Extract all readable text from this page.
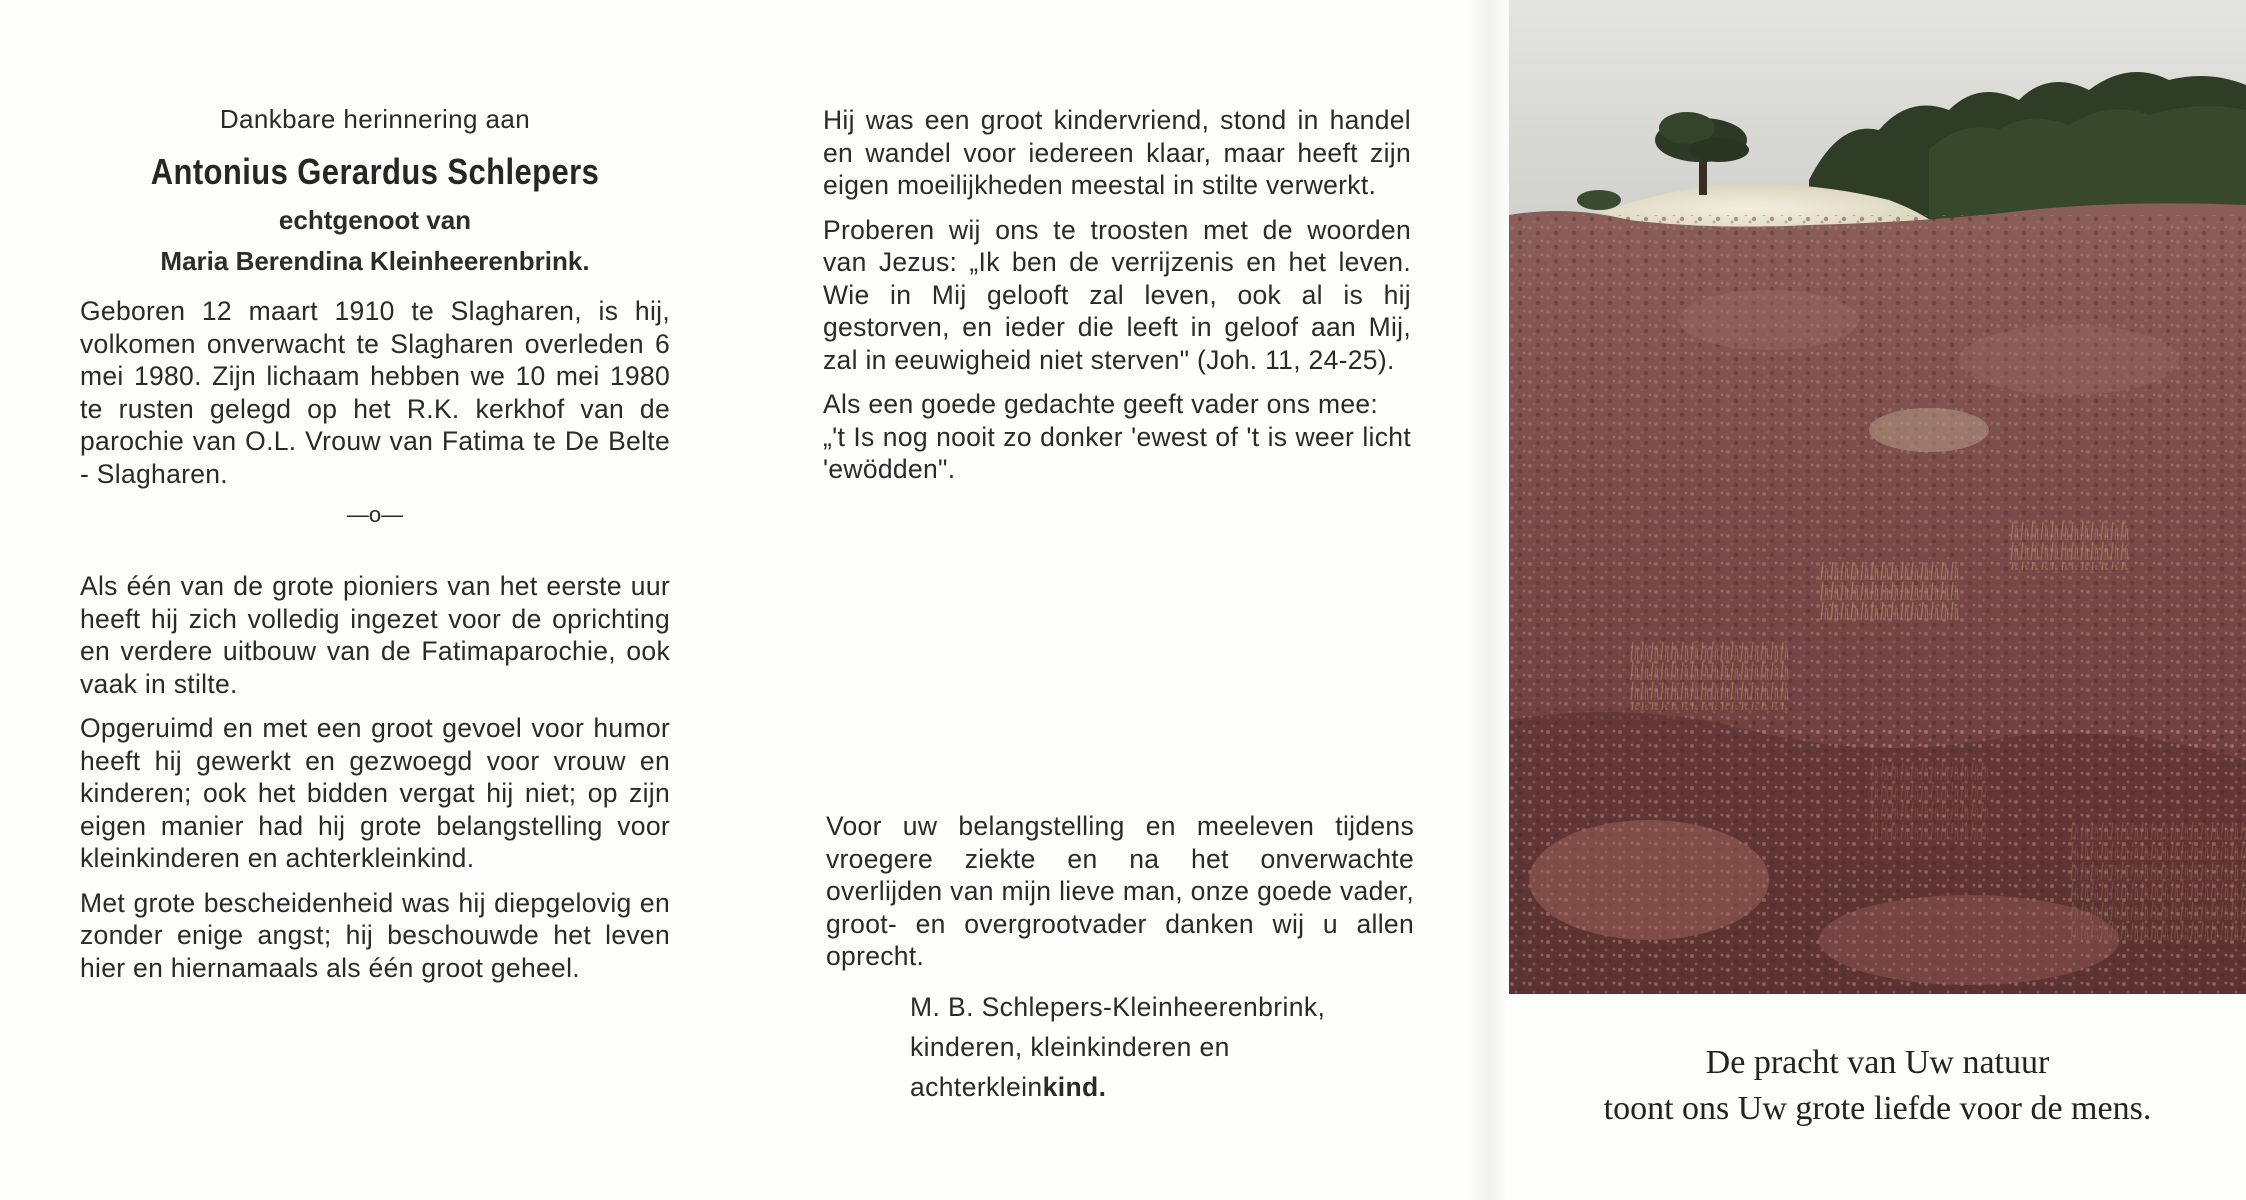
Dankbare herinnering aan
Antonius Gerardus Schlepers
echtgenoot van
Maria Berendina Kleinheerenbrink.

Geboren 12 maart 1910 te Slagharen, is hij, volkomen onverwacht te Slagharen overleden 6 mei 1980. Zijn lichaam hebben we 10 mei 1980 te rusten gelegd op het R.K. kerkhof van de parochie van O.L. Vrouw van Fatima te De Belte - Slagharen.

—o—

Als één van de grote pioniers van het eerste uur heeft hij zich volledig ingezet voor de oprichting en verdere uitbouw van de Fatimaparochie, ook vaak in stilte.

Opgeruimd en met een groot gevoel voor humor heeft hij gewerkt en gezwoegd voor vrouw en kinderen; ook het bidden vergat hij niet; op zijn eigen manier had hij grote belangstelling voor kleinkinderen en achterkleinkind.

Met grote bescheidenheid was hij diepgelovig en zonder enige angst; hij beschouwde het leven hier en hiernamaals als één groot geheel.

Hij was een groot kindervriend, stond in handel en wandel voor iedereen klaar, maar heeft zijn eigen moeilijkheden meestal in stilte verwerkt.

Proberen wij ons te troosten met de woorden van Jezus: „Ik ben de verrijzenis en het leven. Wie in Mij gelooft zal leven, ook al is hij gestorven, en ieder die leeft in geloof aan Mij, zal in eeuwigheid niet sterven" (Joh. 11, 24-25).

Als een goede gedachte geeft vader ons mee:

„'t Is nog nooit zo donker 'ewest of 't is weer licht 'ewödden".

Voor uw belangstelling en meeleven tijdens vroegere ziekte en na het onverwachte overlijden van mijn lieve man, onze goede vader, groot- en overgrootvader danken wij u allen oprecht.

M. B. Schlepers-Kleinheerenbrink,
kinderen, kleinkinderen en
achterkleinkind.
De pracht van Uw natuur
toont ons Uw grote liefde voor de mens.
